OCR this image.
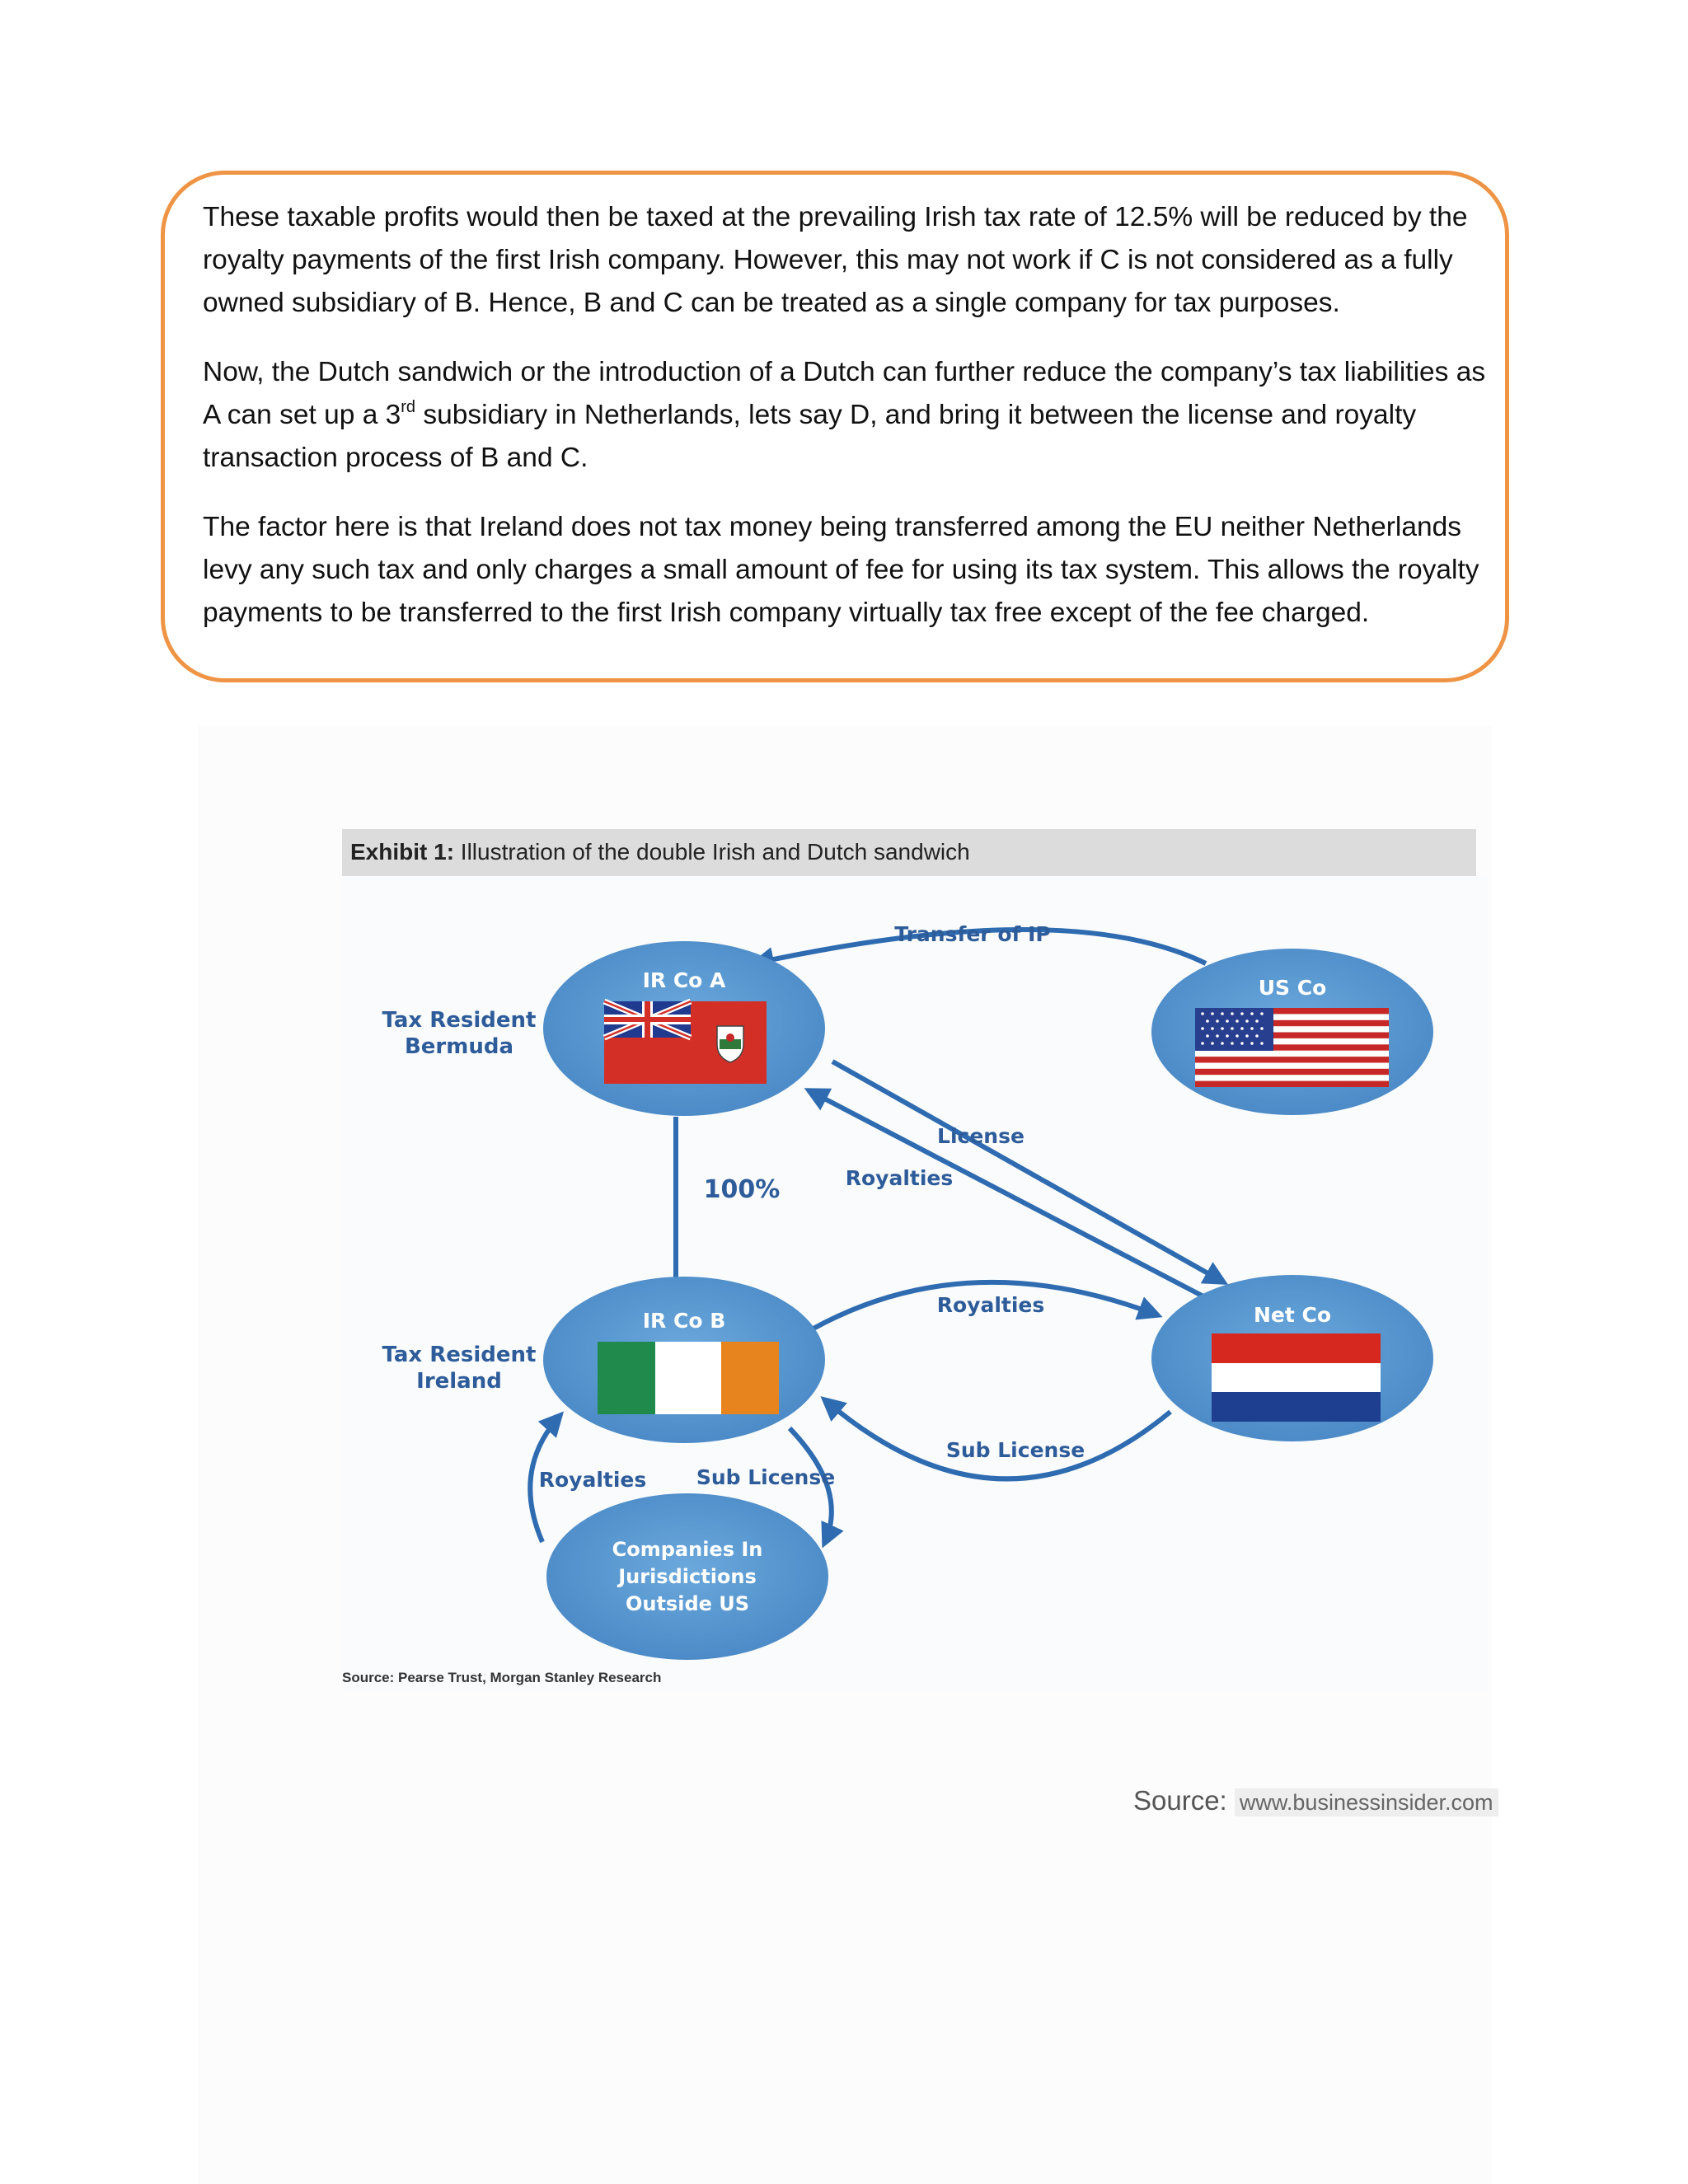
These taxable profits would then be taxed at the prevailing Irish tax rate of 12.5% will be reduced by the royalty payments of the first Irish company. However, this may not work if C is not considered as a fully owned subsidiary of B. Hence, B and C can be treated as a single company for tax purposes.

Now, the Dutch sandwich or the introduction of a Dutch can further reduce the company’s tax liabilities as A can set up a 3rd subsidiary in Netherlands, lets say D, and bring it between the license and royalty transaction process of B and C.

The factor here is that Ireland does not tax money being transferred among the EU neither Netherlands levy any such tax and only charges a small amount of fee for using its tax system. This allows the royalty payments to be transferred to the first Irish company virtually tax free except of the fee charged.

Exhibit 1: Illustration of the double Irish and Dutch sandwich
IR Co A	US Co
IR Co B	Net Co
Companies In
Jurisdictions
Outside US
Tax Resident
Bermuda
Tax Resident
Ireland
Transfer of IP
License
Royalties
100%
Royalties
Sub License
Royalties Sub License
Source: Pearse Trust, Morgan Stanley Research
Source: www.businessinsider.com
